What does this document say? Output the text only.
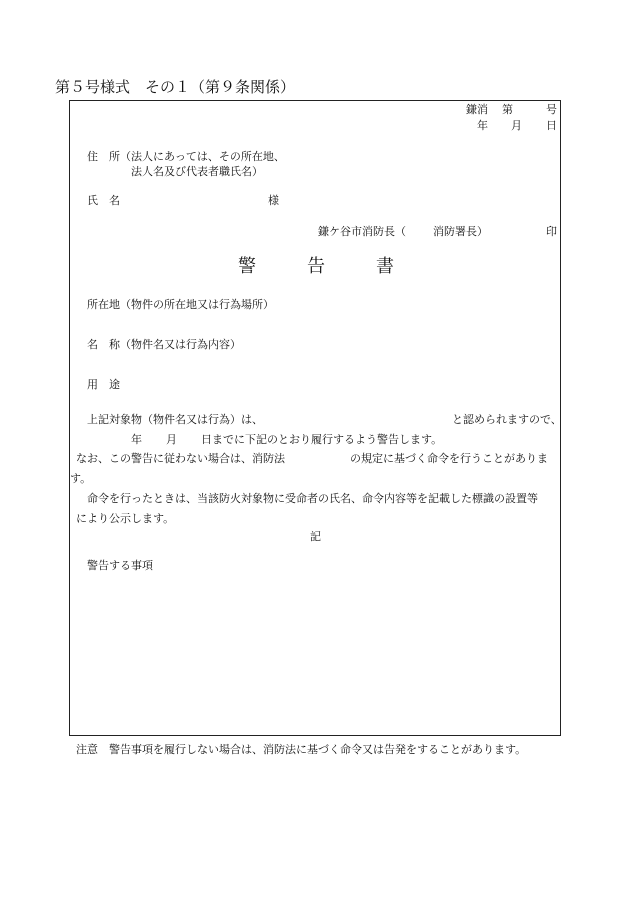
第５号様式　その１（第９条関係）
鎌消 第	号
年 月 日
住　所（法人にあっては、その所在地、
法人名及び代表者職氏名）
氏　名	様
鎌ケ谷市消防長（ 消防署長）	印
警	告	書
所在地（物件の所在地又は行為場所）
名　称（物件名又は行為内容）
用　途
上記対象物（物件名又は行為）は、	と認められますので、
年 月 日までに下記のとおり履行するよう警告します。
なお、この警告に従わない場合は、消防法	の規定に基づく命令を行うことがありま
す。
命令を行ったときは、当該防火対象物に受命者の氏名、命令内容等を記載した標識の設置等
により公示します。
記
警告する事項
注意　警告事項を履行しない場合は、消防法に基づく命令又は告発をすることがあります。
